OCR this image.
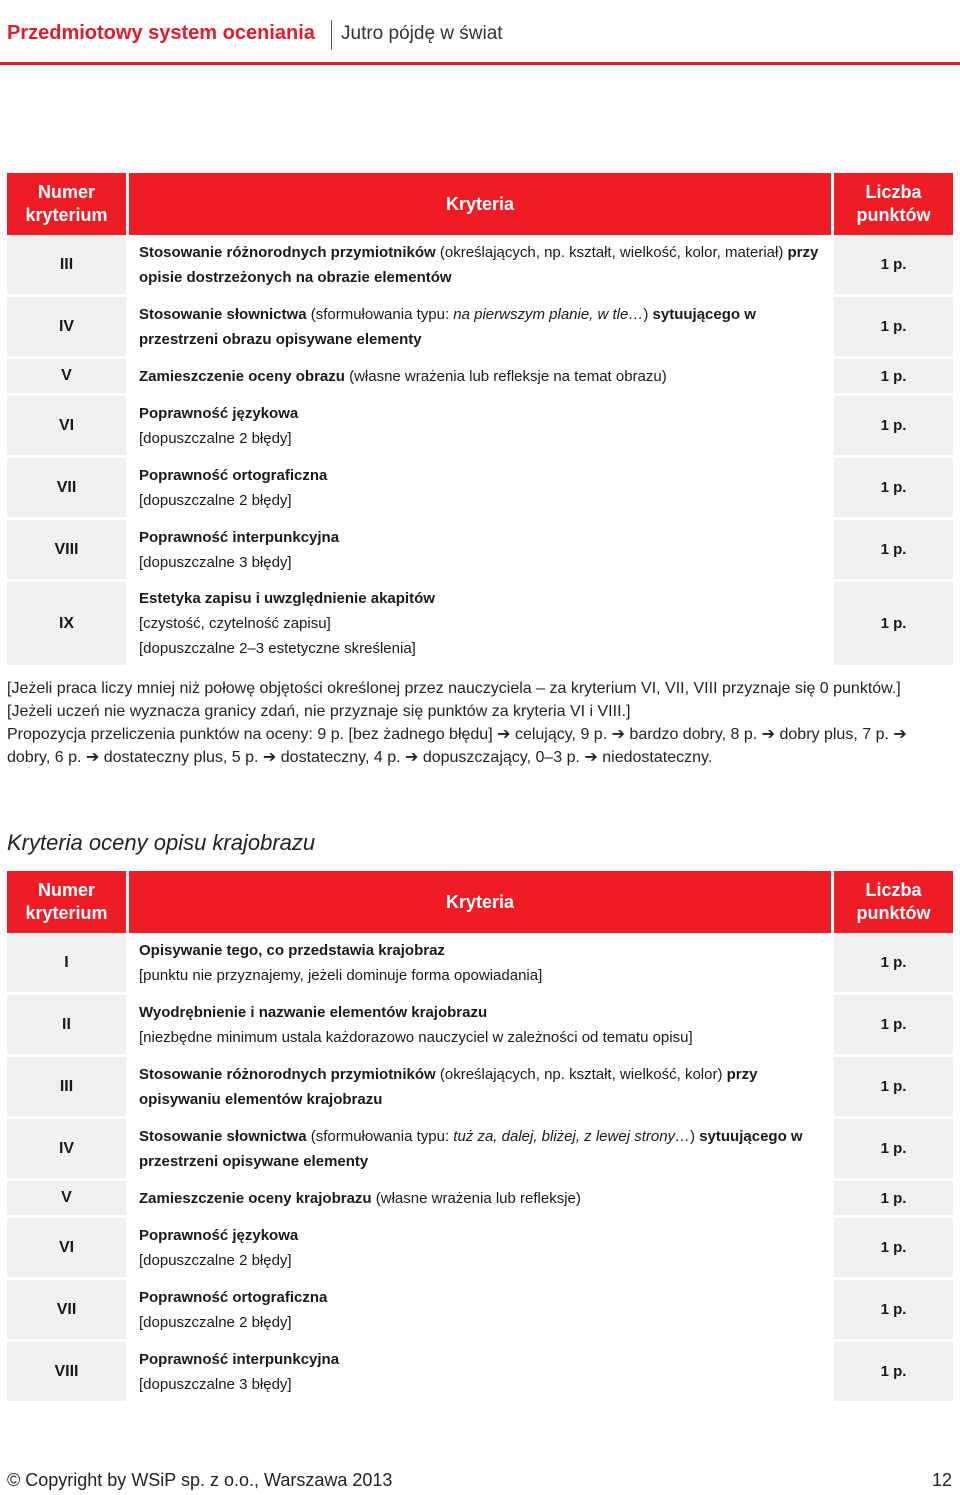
Przedmiotowy system oceniania Jutro pójdę w świat
Numer kryterium	Kryteria	Liczba punktów
III	Stosowanie różnorodnych przymiotników (określających, np. kształt, wielkość, kolor, materiał) przy opisie dostrzeżonych na obrazie elementów	1 p.
IV	Stosowanie słownictwa (sformułowania typu: na pierwszym planie, w tle…) sytuującego w przestrzeni obrazu opisywane elementy	1 p.
V	Zamieszczenie oceny obrazu (własne wrażenia lub refleksje na temat obrazu)	1 p.
VI	Poprawność językowa
[dopuszczalne 2 błędy]	1 p.
VII	Poprawność ortograficzna
[dopuszczalne 2 błędy]	1 p.
VIII	Poprawność interpunkcyjna
[dopuszczalne 3 błędy]	1 p.
IX	Estetyka zapisu i uwzględnienie akapitów
[czystość, czytelność zapisu]
[dopuszczalne 2–3 estetyczne skreślenia]	1 p.
[Jeżeli praca liczy mniej niż połowę objętości określonej przez nauczyciela – za kryterium VI, VII, VIII przyznaje się 0 punktów.]
[Jeżeli uczeń nie wyznacza granicy zdań, nie przyznaje się punktów za kryteria VI i VIII.]
Propozycja przeliczenia punktów na oceny: 9 p. [bez żadnego błędu] ➔ celujący, 9 p. ➔ bardzo dobry, 8 p. ➔ dobry plus, 7 p. ➔ dobry, 6 p. ➔ dostateczny plus, 5 p. ➔ dostateczny, 4 p. ➔ dopuszczający, 0–3 p. ➔ niedostateczny.
Kryteria oceny opisu krajobrazu
Numer kryterium	Kryteria	Liczba punktów
I	Opisywanie tego, co przedstawia krajobraz
[punktu nie przyznajemy, jeżeli dominuje forma opowiadania]	1 p.
II	Wyodrębnienie i nazwanie elementów krajobrazu
[niezbędne minimum ustala każdorazowo nauczyciel w zależności od tematu opisu]	1 p.
III	Stosowanie różnorodnych przymiotników (określających, np. kształt, wielkość, kolor) przy opisywaniu elementów krajobrazu	1 p.
IV	Stosowanie słownictwa (sformułowania typu: tuż za, dalej, bliżej, z lewej strony…) sytuującego w przestrzeni opisywane elementy	1 p.
V	Zamieszczenie oceny krajobrazu (własne wrażenia lub refleksje)	1 p.
VI	Poprawność językowa
[dopuszczalne 2 błędy]	1 p.
VII	Poprawność ortograficzna
[dopuszczalne 2 błędy]	1 p.
VIII	Poprawność interpunkcyjna
[dopuszczalne 3 błędy]	1 p.
© Copyright by WSiP sp. z o.o., Warszawa 2013	12
